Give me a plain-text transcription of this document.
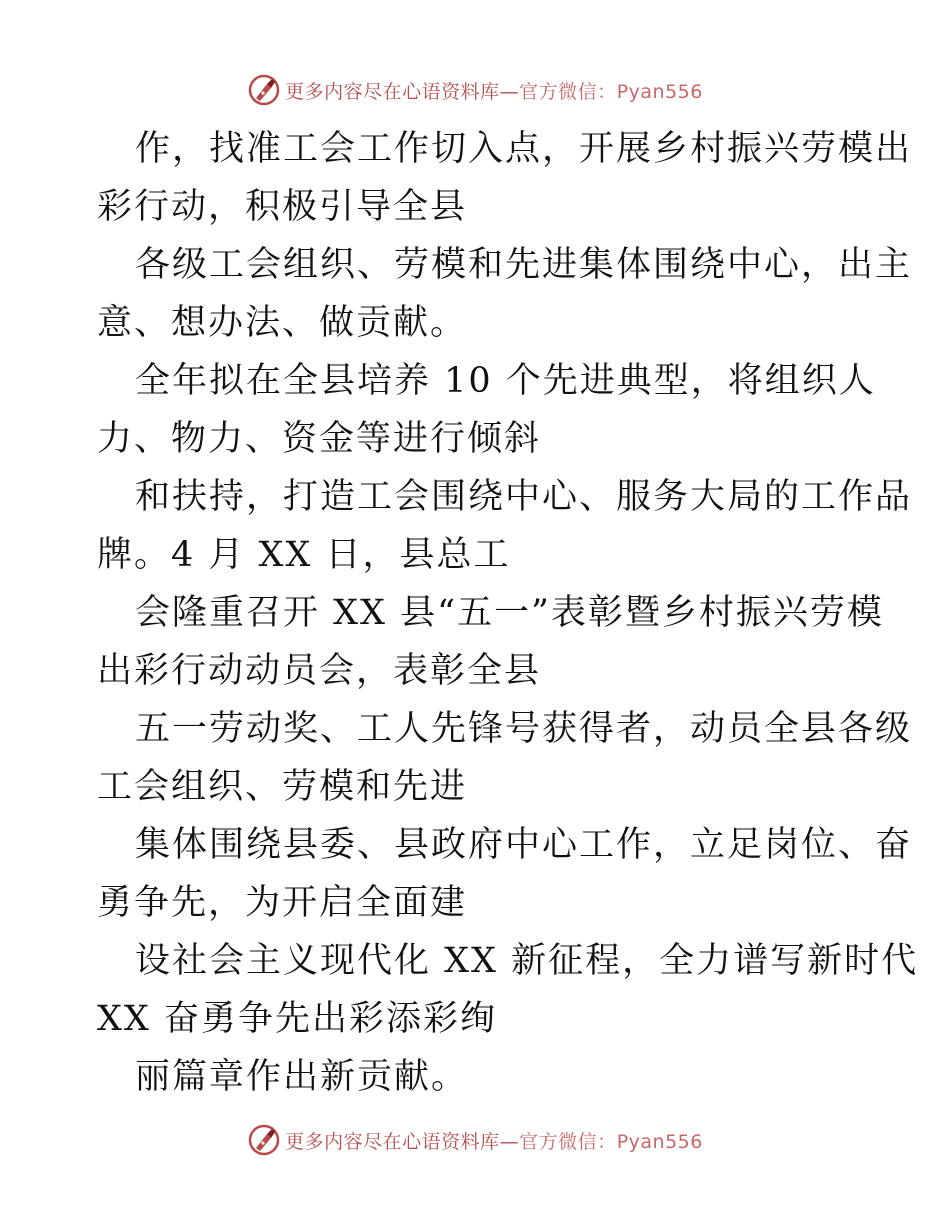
更多内容尽在心语资料库—官方微信：Pyan556

作，找准工会工作切入点，开展乡村振兴劳模出
彩行动，积极引导全县

各级工会组织、劳模和先进集体围绕中心，出主
意、想办法、做贡献。

全年拟在全县培养 10 个先进典型，将组织人
力、物力、资金等进行倾斜

和扶持，打造工会围绕中心、服务大局的工作品
牌。4 月 XX 日，县总工

会隆重召开 XX 县“五一”表彰暨乡村振兴劳模
出彩行动动员会，表彰全县

五一劳动奖、工人先锋号获得者，动员全县各级
工会组织、劳模和先进

集体围绕县委、县政府中心工作，立足岗位、奋
勇争先，为开启全面建

设社会主义现代化 XX 新征程，全力谱写新时代
XX 奋勇争先出彩添彩绚

丽篇章作出新贡献。

更多内容尽在心语资料库—官方微信：Pyan556
